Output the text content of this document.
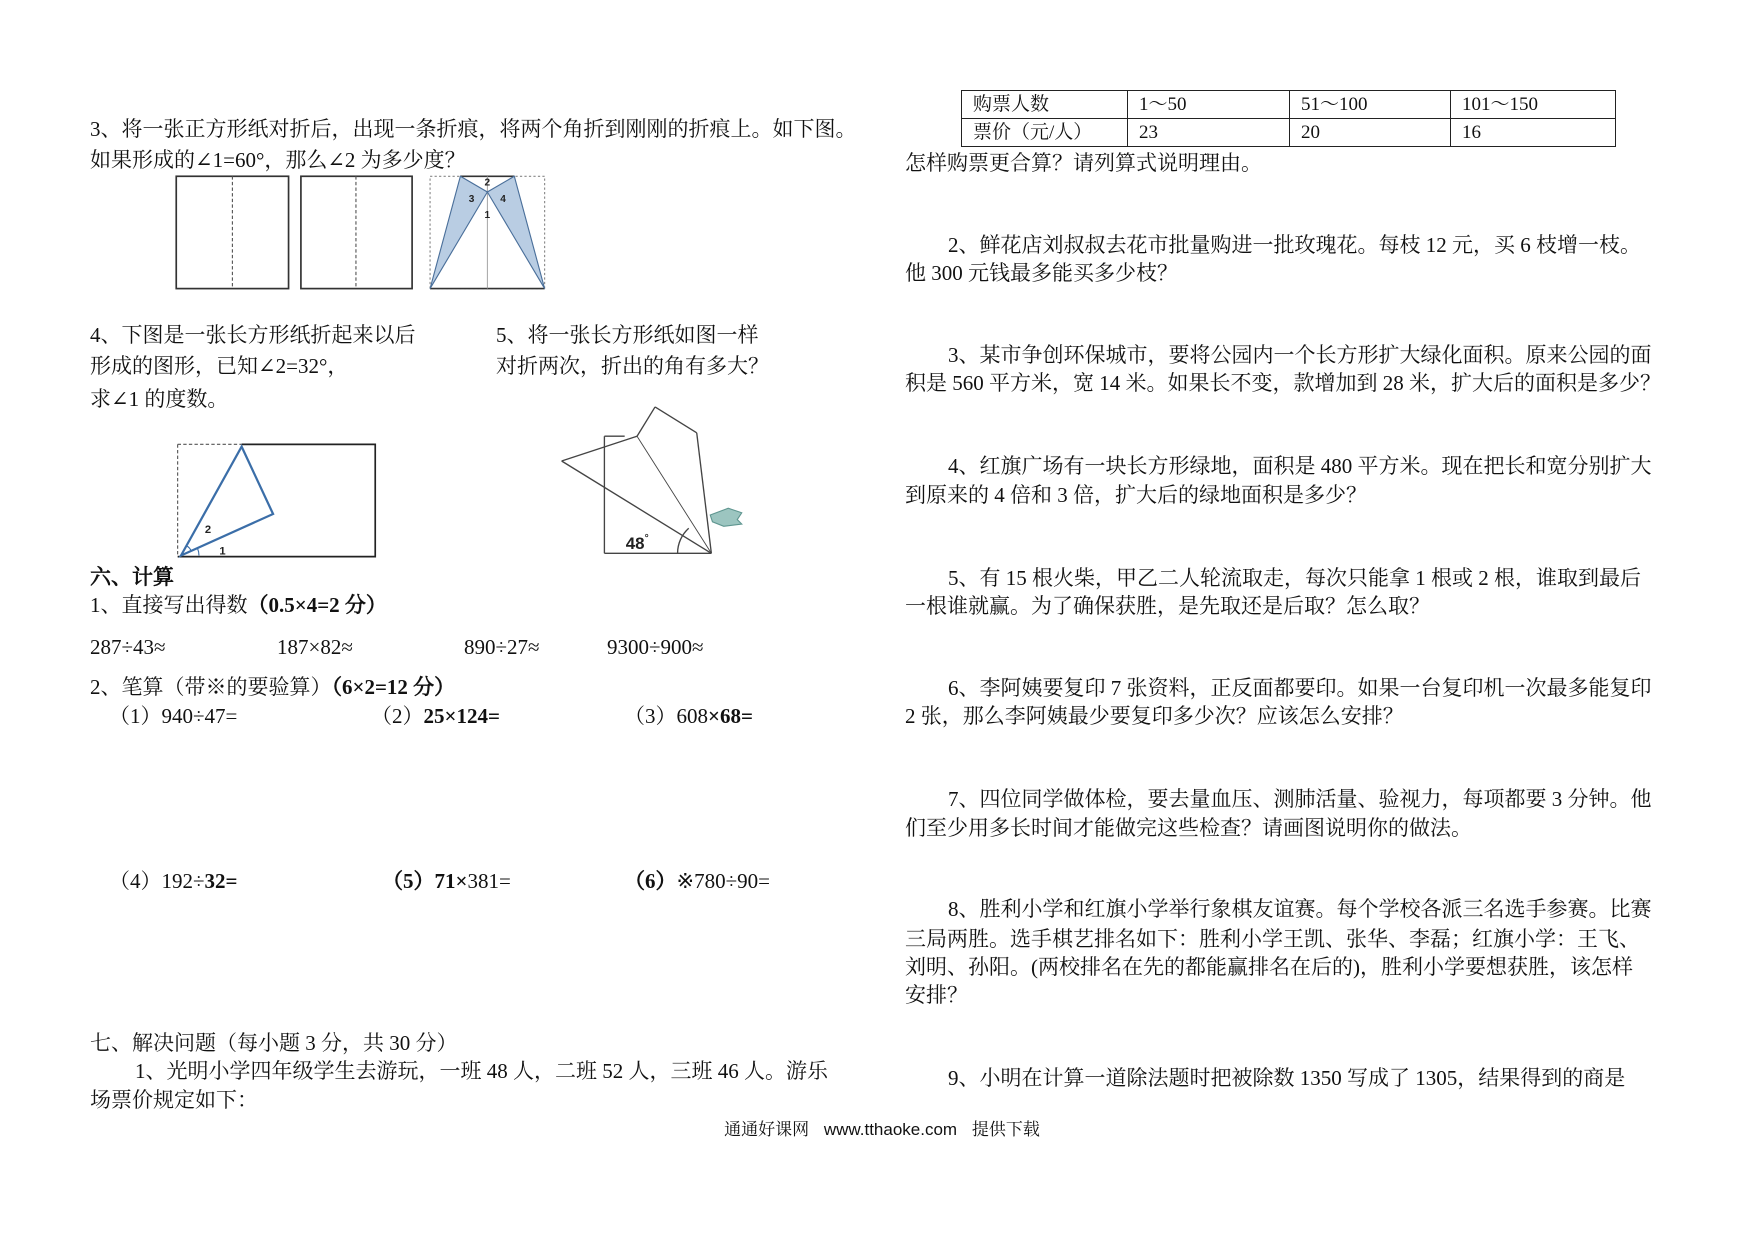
3、将一张正方形纸对折后，出现一条折痕，将两个角折到刚刚的折痕上。如下图。
如果形成的∠1=60°，那么∠2 为多少度？
2
3	4
1
4、下图是一张长方形纸折起来以后	5、将一张长方形纸如图一样
形成的图形，已知∠2=32°，	对折两次，折出的角有多大？
求∠1 的度数。
2
1	48°
六、计算
1、直接写出得数（0.5×4=2 分）
287÷43≈	187×82≈	890÷27≈	9300÷900≈
2、笔算（带※的要验算）（6×2=12 分）
（1）940÷47=	（2）25×124=	（3）608×68=
（4）192÷32=	（5）71×381=	（6）※780÷90=
七、解决问题（每小题 3 分，共 30 分）
1、光明小学四年级学生去游玩，一班 48 人，二班 52 人，三班 46 人。游乐
场票价规定如下：
购票人数	1～50	51～100	101～150
票价（元/人）	23	20	16
怎样购票更合算？请列算式说明理由。
2、鲜花店刘叔叔去花市批量购进一批玫瑰花。每枝 12 元，买 6 枝增一枝。
他 300 元钱最多能买多少枝？
3、某市争创环保城市，要将公园内一个长方形扩大绿化面积。原来公园的面
积是 560 平方米，宽 14 米。如果长不变，款增加到 28 米，扩大后的面积是多少？
4、红旗广场有一块长方形绿地，面积是 480 平方米。现在把长和宽分别扩大
到原来的 4 倍和 3 倍，扩大后的绿地面积是多少？
5、有 15 根火柴，甲乙二人轮流取走，每次只能拿 1 根或 2 根，谁取到最后
一根谁就赢。为了确保获胜，是先取还是后取？怎么取？
6、李阿姨要复印 7 张资料，正反面都要印。如果一台复印机一次最多能复印
2 张，那么李阿姨最少要复印多少次？应该怎么安排？
7、四位同学做体检，要去量血压、测肺活量、验视力，每项都要 3 分钟。他
们至少用多长时间才能做完这些检查？请画图说明你的做法。
8、胜利小学和红旗小学举行象棋友谊赛。每个学校各派三名选手参赛。比赛
三局两胜。选手棋艺排名如下：胜利小学王凯、张华、李磊；红旗小学：王飞、
刘明、孙阳。(两校排名在先的都能赢排名在后的)，胜利小学要想获胜，该怎样
安排？
9、小明在计算一道除法题时把被除数 1350 写成了 1305，结果得到的商是
通通好课网 www.tthaoke.com 提供下载
